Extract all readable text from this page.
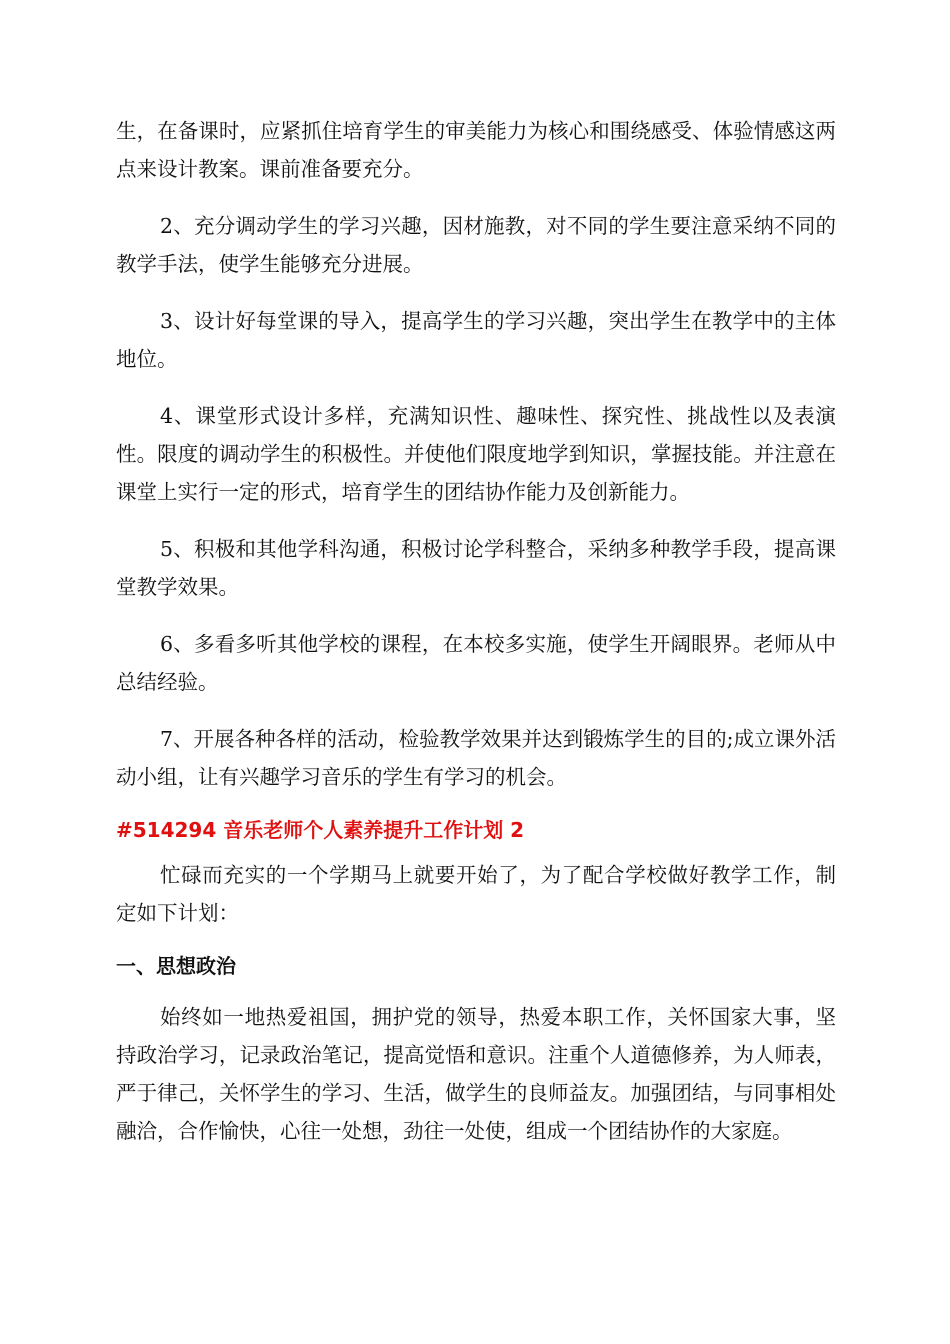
生，在备课时，应紧抓住培育学生的审美能力为核心和围绕感受、体验情感这两点来设计教案。课前准备要充分。

2、充分调动学生的学习兴趣，因材施教，对不同的学生要注意采纳不同的教学手法，使学生能够充分进展。

3、设计好每堂课的导入，提高学生的学习兴趣，突出学生在教学中的主体地位。

4、课堂形式设计多样，充满知识性、趣味性、探究性、挑战性以及表演性。限度的调动学生的积极性。并使他们限度地学到知识，掌握技能。并注意在课堂上实行一定的形式，培育学生的团结协作能力及创新能力。

5、积极和其他学科沟通，积极讨论学科整合，采纳多种教学手段，提高课堂教学效果。

6、多看多听其他学校的课程，在本校多实施，使学生开阔眼界。老师从中总结经验。

7、开展各种各样的活动，检验教学效果并达到锻炼学生的目的;成立课外活动小组，让有兴趣学习音乐的学生有学习的机会。

#514294 音乐老师个人素养提升工作计划 2

忙碌而充实的一个学期马上就要开始了，为了配合学校做好教学工作，制定如下计划：

一、思想政治

始终如一地热爱祖国，拥护党的领导，热爱本职工作，关怀国家大事，坚持政治学习，记录政治笔记，提高觉悟和意识。注重个人道德修养，为人师表，严于律己，关怀学生的学习、生活，做学生的良师益友。加强团结，与同事相处融洽，合作愉快，心往一处想，劲往一处使，组成一个团结协作的大家庭。
